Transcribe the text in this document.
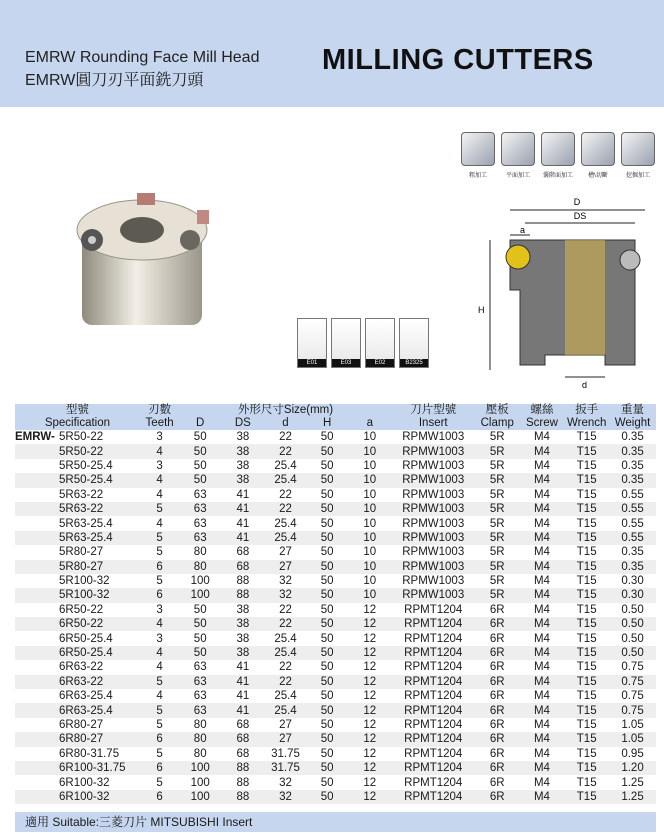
EMRW Rounding Face Mill Head
EMRW圓刀刃平面銑刀頭
MILLING CUTTERS
粗加工	平面加工	囊階面加工	槽\切斷	挖掘加工
E01	E03	E02	B2325
D
DS
a
H
d
型號	刃數	外形尺寸Size(mm)					刀片型號	壓板	螺絲	扳手	重量
Specification	Teeth	D	DS	d	H	a	Insert	Clamp	Screw	Wrench	Weight

EMRW- 5R50-22	3	50	38	22	50	10	RPMW1003	5R	M4	T15	0.35
5R50-22	4	50	38	22	50	10	RPMW1003	5R	M4	T15	0.35
5R50-25.4	3	50	38	25.4	50	10	RPMW1003	5R	M4	T15	0.35
5R50-25.4	4	50	38	25.4	50	10	RPMW1003	5R	M4	T15	0.35
5R63-22	4	63	41	22	50	10	RPMW1003	5R	M4	T15	0.55
5R63-22	5	63	41	22	50	10	RPMW1003	5R	M4	T15	0.55
5R63-25.4	4	63	41	25.4	50	10	RPMW1003	5R	M4	T15	0.55
5R63-25.4	5	63	41	25.4	50	10	RPMW1003	5R	M4	T15	0.55
5R80-27	5	80	68	27	50	10	RPMW1003	5R	M4	T15	0.35
5R80-27	6	80	68	27	50	10	RPMW1003	5R	M4	T15	0.35
5R100-32	5	100	88	32	50	10	RPMW1003	5R	M4	T15	0.30
5R100-32	6	100	88	32	50	10	RPMW1003	5R	M4	T15	0.30
6R50-22	3	50	38	22	50	12	RPMT1204	6R	M4	T15	0.50
6R50-22	4	50	38	22	50	12	RPMT1204	6R	M4	T15	0.50
6R50-25.4	3	50	38	25.4	50	12	RPMT1204	6R	M4	T15	0.50
6R50-25.4	4	50	38	25.4	50	12	RPMT1204	6R	M4	T15	0.50
6R63-22	4	63	41	22	50	12	RPMT1204	6R	M4	T15	0.75
6R63-22	5	63	41	22	50	12	RPMT1204	6R	M4	T15	0.75
6R63-25.4	4	63	41	25.4	50	12	RPMT1204	6R	M4	T15	0.75
6R63-25.4	5	63	41	25.4	50	12	RPMT1204	6R	M4	T15	0.75
6R80-27	5	80	68	27	50	12	RPMT1204	6R	M4	T15	1.05
6R80-27	6	80	68	27	50	12	RPMT1204	6R	M4	T15	1.05
6R80-31.75	5	80	68	31.75	50	12	RPMT1204	6R	M4	T15	0.95
6R100-31.75	6	100	88	31.75	50	12	RPMT1204	6R	M4	T15	1.20
6R100-32	5	100	88	32	50	12	RPMT1204	6R	M4	T15	1.25
6R100-32	6	100	88	32	50	12	RPMT1204	6R	M4	T15	1.25
適用 Suitable:三菱刀片 MITSUBISHI Insert
